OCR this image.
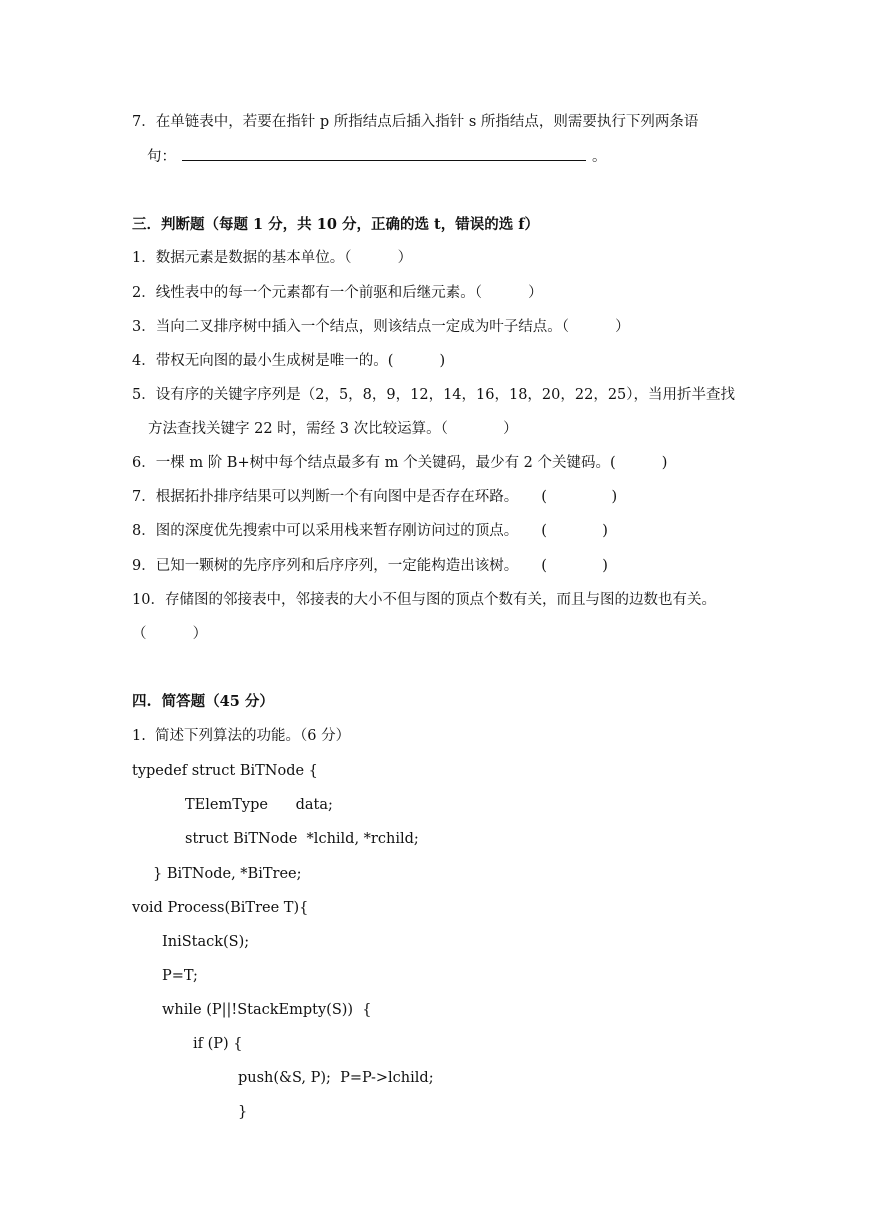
7．在单链表中，若要在指针 p 所指结点后插入指针 s 所指结点，则需要执行下列两条语
句：	。
三．判断题（每题 1 分，共 10 分，正确的选 t，错误的选 f）
1．数据元素是数据的基本单位。（          ）
2．线性表中的每一个元素都有一个前驱和后继元素。（          ）
3．当向二叉排序树中插入一个结点，则该结点一定成为叶子结点。（          ）
4．带权无向图的最小生成树是唯一的。(          )
5．设有序的关键字序列是（2，5，8，9，12，14，16，18，20，22，25），当用折半查找
方法查找关键字 22 时，需经 3 次比较运算。（            ）
6．一棵 m 阶 B+树中每个结点最多有 m 个关键码，最少有 2 个关键码。(          )
7．根据拓扑排序结果可以判断一个有向图中是否存在环路。     (              )
8．图的深度优先搜索中可以采用栈来暂存刚访问过的顶点。     (            )
9．已知一颗树的先序序列和后序序列，一定能构造出该树。     (            )
10．存储图的邻接表中，邻接表的大小不但与图的顶点个数有关，而且与图的边数也有关。
（          ）
四.  简答题（45 分）
1.  简述下列算法的功能。（6 分）
typedef struct BiTNode {
TElemType      data;
struct BiTNode  *lchild, *rchild;
} BiTNode, *BiTree;
void Process(BiTree T){
IniStack(S);
P=T;
while (P||!StackEmpty(S))  {
if (P) {
push(&S, P);  P=P->lchild;
}
